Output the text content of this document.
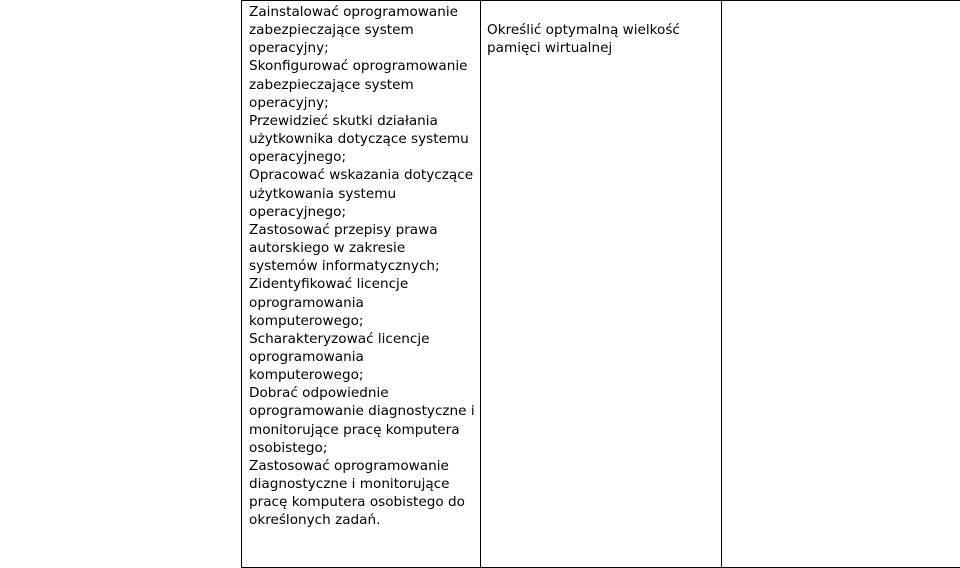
Zainstalować oprogramowanie zabezpieczające system operacyjny;
Skonfigurować oprogramowanie zabezpieczające system operacyjny;
Przewidzieć skutki działania użytkownika dotyczące systemu operacyjnego;
Opracować wskazania dotyczące użytkowania systemu operacyjnego;
Zastosować przepisy prawa autorskiego w zakresie systemów informatycznych;
Zidentyfikować licencje oprogramowania komputerowego;
Scharakteryzować licencje oprogramowania komputerowego;
Dobrać odpowiednie oprogramowanie diagnostyczne i monitorujące pracę komputera osobistego;
Zastosować oprogramowanie diagnostyczne i monitorujące pracę komputera osobistego do określonych zadań.

Określić optymalną wielkość pamięci wirtualnej
